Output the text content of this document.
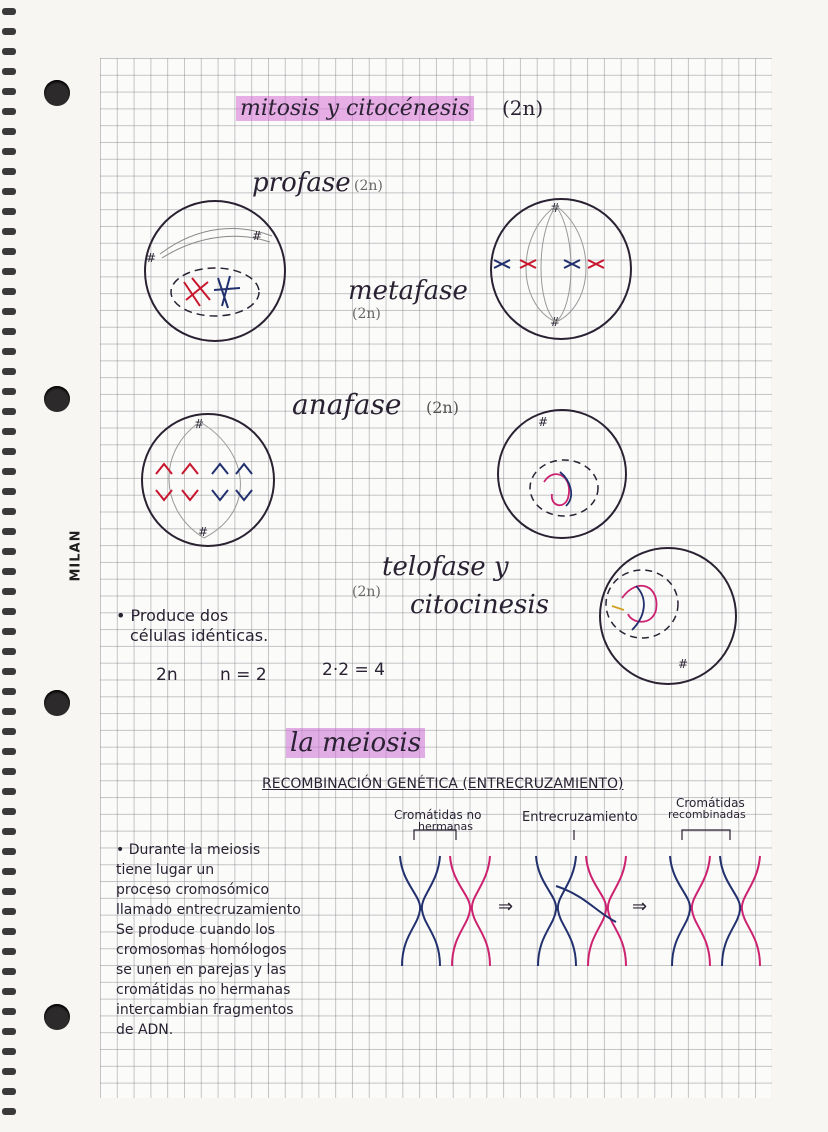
MILAN
mitosis y citocénesis (2n)
profase (2n)
#
#
#
#
metafase
(2n)
anafase (2n)
#
#
#
telofase y
(2n) citocinesis
#
• Produce dos
células idénticas.
2n n = 2	2·2 = 4
la meiosis
RECOMBINACIÓN GENÉTICA (ENTRECRUZAMIENTO)
Cromátidas no
hermanas
Entrecruzamiento
Cromátidas
recombinadas
⇒	⇒
• Durante la meiosis
tiene lugar un
proceso cromosómico
llamado entrecruzamiento
Se produce cuando los
cromosomas homólogos
se unen en parejas y las
cromátidas no hermanas
intercambian fragmentos
de ADN.
